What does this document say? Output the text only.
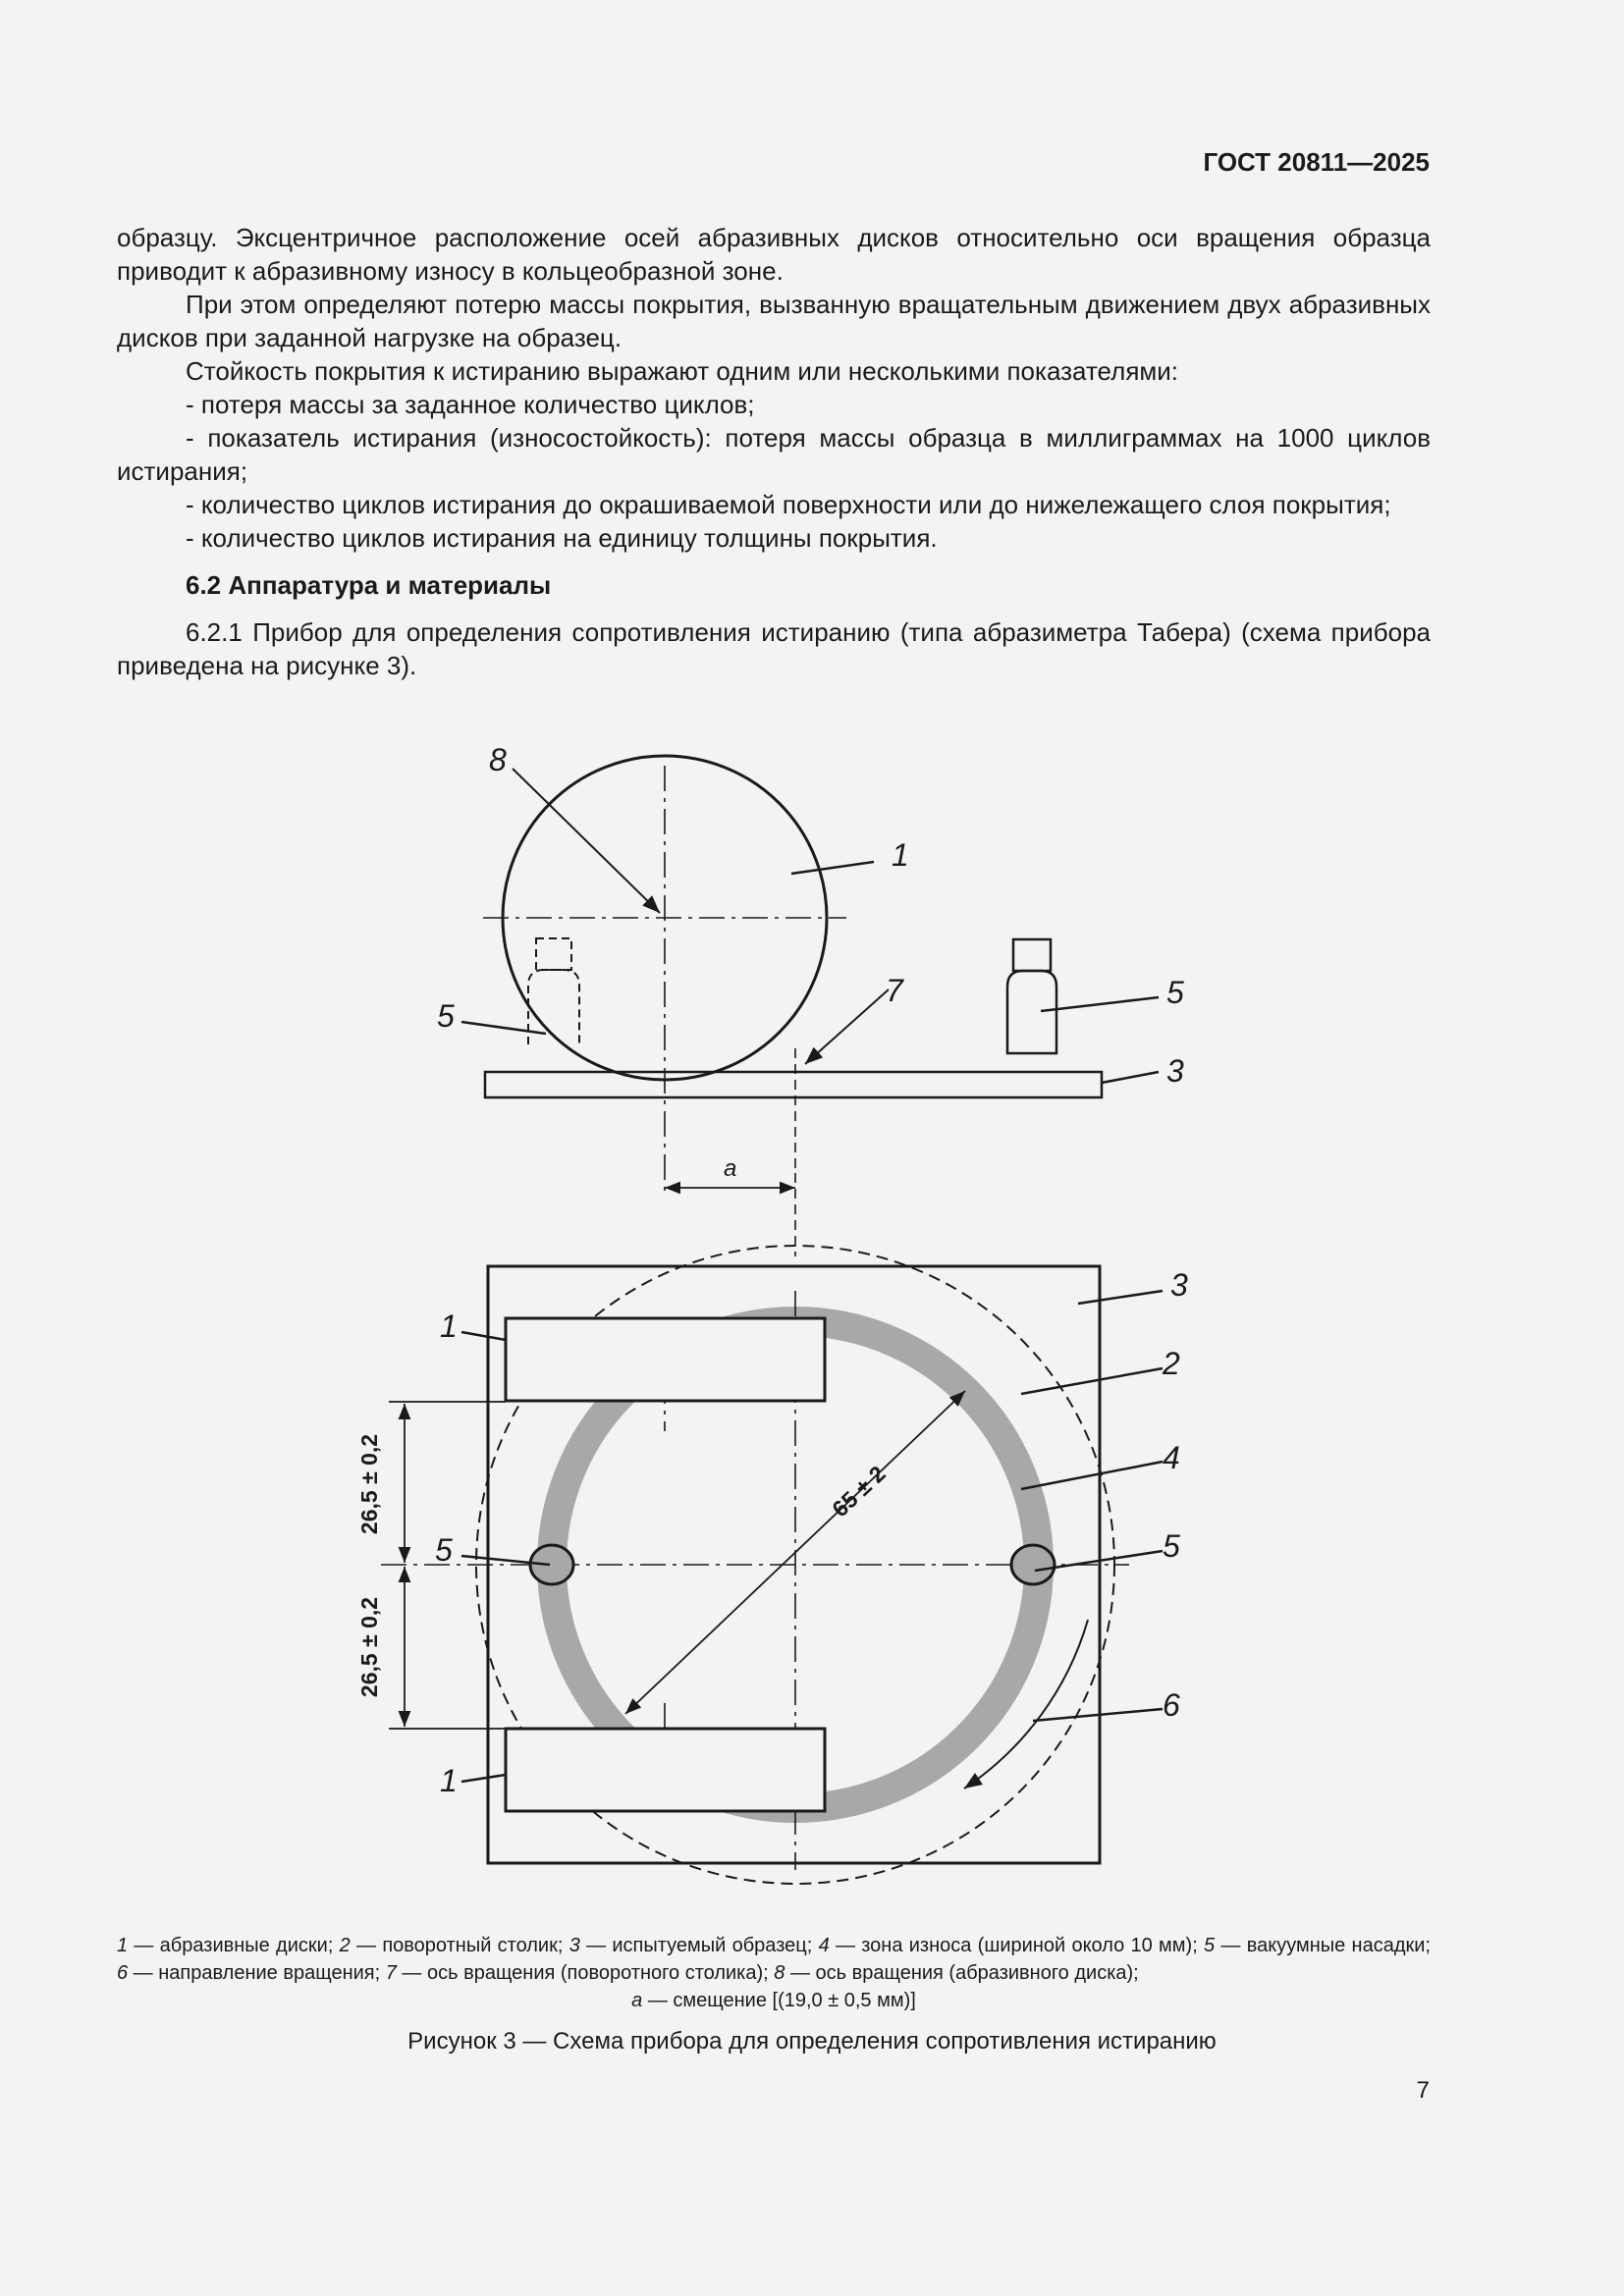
ГОСТ 20811—2025

образцу. Эксцентричное расположение осей абразивных дисков относительно оси вращения образца приводит к абразивному износу в кольцеобразной зоне.

При этом определяют потерю массы покрытия, вызванную вращательным движением двух абразивных дисков при заданной нагрузке на образец.

Стойкость покрытия к истиранию выражают одним или несколькими показателями:

- потеря массы за заданное количество циклов;

- показатель истирания (износостойкость): потеря массы образца в миллиграммах на 1000 циклов истирания;

- количество циклов истирания до окрашиваемой поверхности или до нижележащего слоя покрытия;

- количество циклов истирания на единицу толщины покрытия.

6.2 Аппаратура и материалы

6.2.1 Прибор для определения сопротивления истиранию (типа абразиметра Табера) (схема прибора приведена на рисунке 3).

8
1
5
7	5
3
a
3
1
2
4
5	5
6
1
26,5 ± 0,2
26,5 ± 0,2
65 ± 2
1 — абразивные диски; 2 — поворотный столик; 3 — испытуемый образец; 4 — зона износа (шириной около 10 мм); 5 — вакуумные насадки; 6 — направление вращения; 7 — ось вращения (поворотного столика); 8 — ось вращения (абразивного диска);
a — смещение [(19,0 ± 0,5 мм)]
Рисунок 3 — Схема прибора для определения сопротивления истиранию
7
